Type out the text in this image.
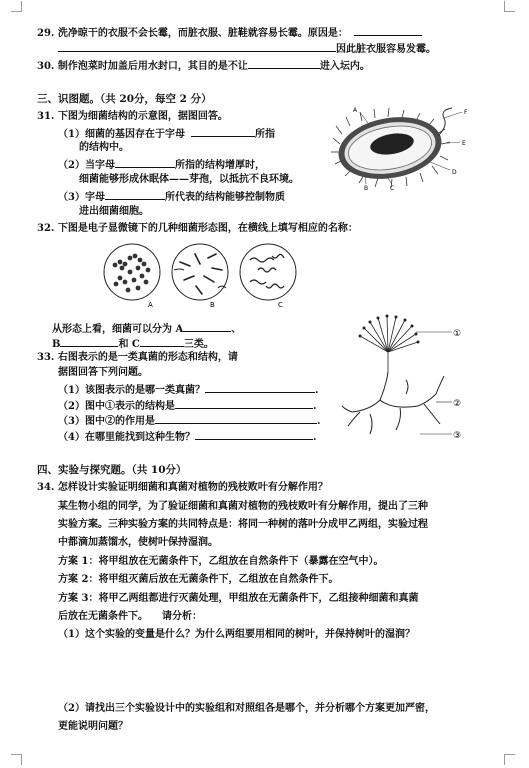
29. 洗净晾干的衣服不会长霉，而脏衣服、脏鞋就容易长霉。原因是：
因此脏衣服容易发霉。
30. 制作泡菜时加盖后用水封口，其目的是不让	进入坛内。
三、识图题。（共 20分，每空 2 分）
31. 下图为细菌结构的示意图，据图回答。
（1）细菌的基因存在于字母	所指
的结构中。
（2）当字母	所指的结构增厚时，
细菌能够形成休眠体——芽孢，以抵抗不良环境。
（3）字母	所代表的结构能够控制物质
进出细菌细胞。
A
B	C
D
E
F
32. 下图是电子显微镜下的几种细菌形态图，在横线上填写相应的名称：
A	B	C
从形态上看，细菌可以分为 A	、
B	和 C	三类。
33. 右图表示的是一类真菌的形态和结构，请
据图回答下列问题。
（1）该图表示的是哪一类真菌？	.
（2）图中①表示的结构是	.
（3）图中②的作用是	.
（4）在哪里能找到这种生物？	.
①
②
③
四、实验与探究题。（共 10分）
34. 怎样设计实验证明细菌和真菌对植物的残枝败叶有分解作用？
某生物小组的同学，为了验证细菌和真菌对植物的残枝败叶有分解作用，提出了三种
实验方案。三种实验方案的共同特点是：将同一种树的落叶分成甲乙两组，实验过程
中都滴加蒸馏水，使树叶保持湿润。
方案 1：将甲组放在无菌条件下，乙组放在自然条件下（暴露在空气中）。
方案 2：将甲组灭菌后放在无菌条件下，乙组放在自然条件下。
方案 3：将甲乙两组都进行灭菌处理，甲组放在无菌条件下，乙组接种细菌和真菌
后放在无菌条件下。 请分析：
（1）这个实验的变量是什么？为什么两组要用相同的树叶，并保持树叶的湿润？
（2）请找出三个实验设计中的实验组和对照组各是哪个，并分析哪个方案更加严密，
更能说明问题？
